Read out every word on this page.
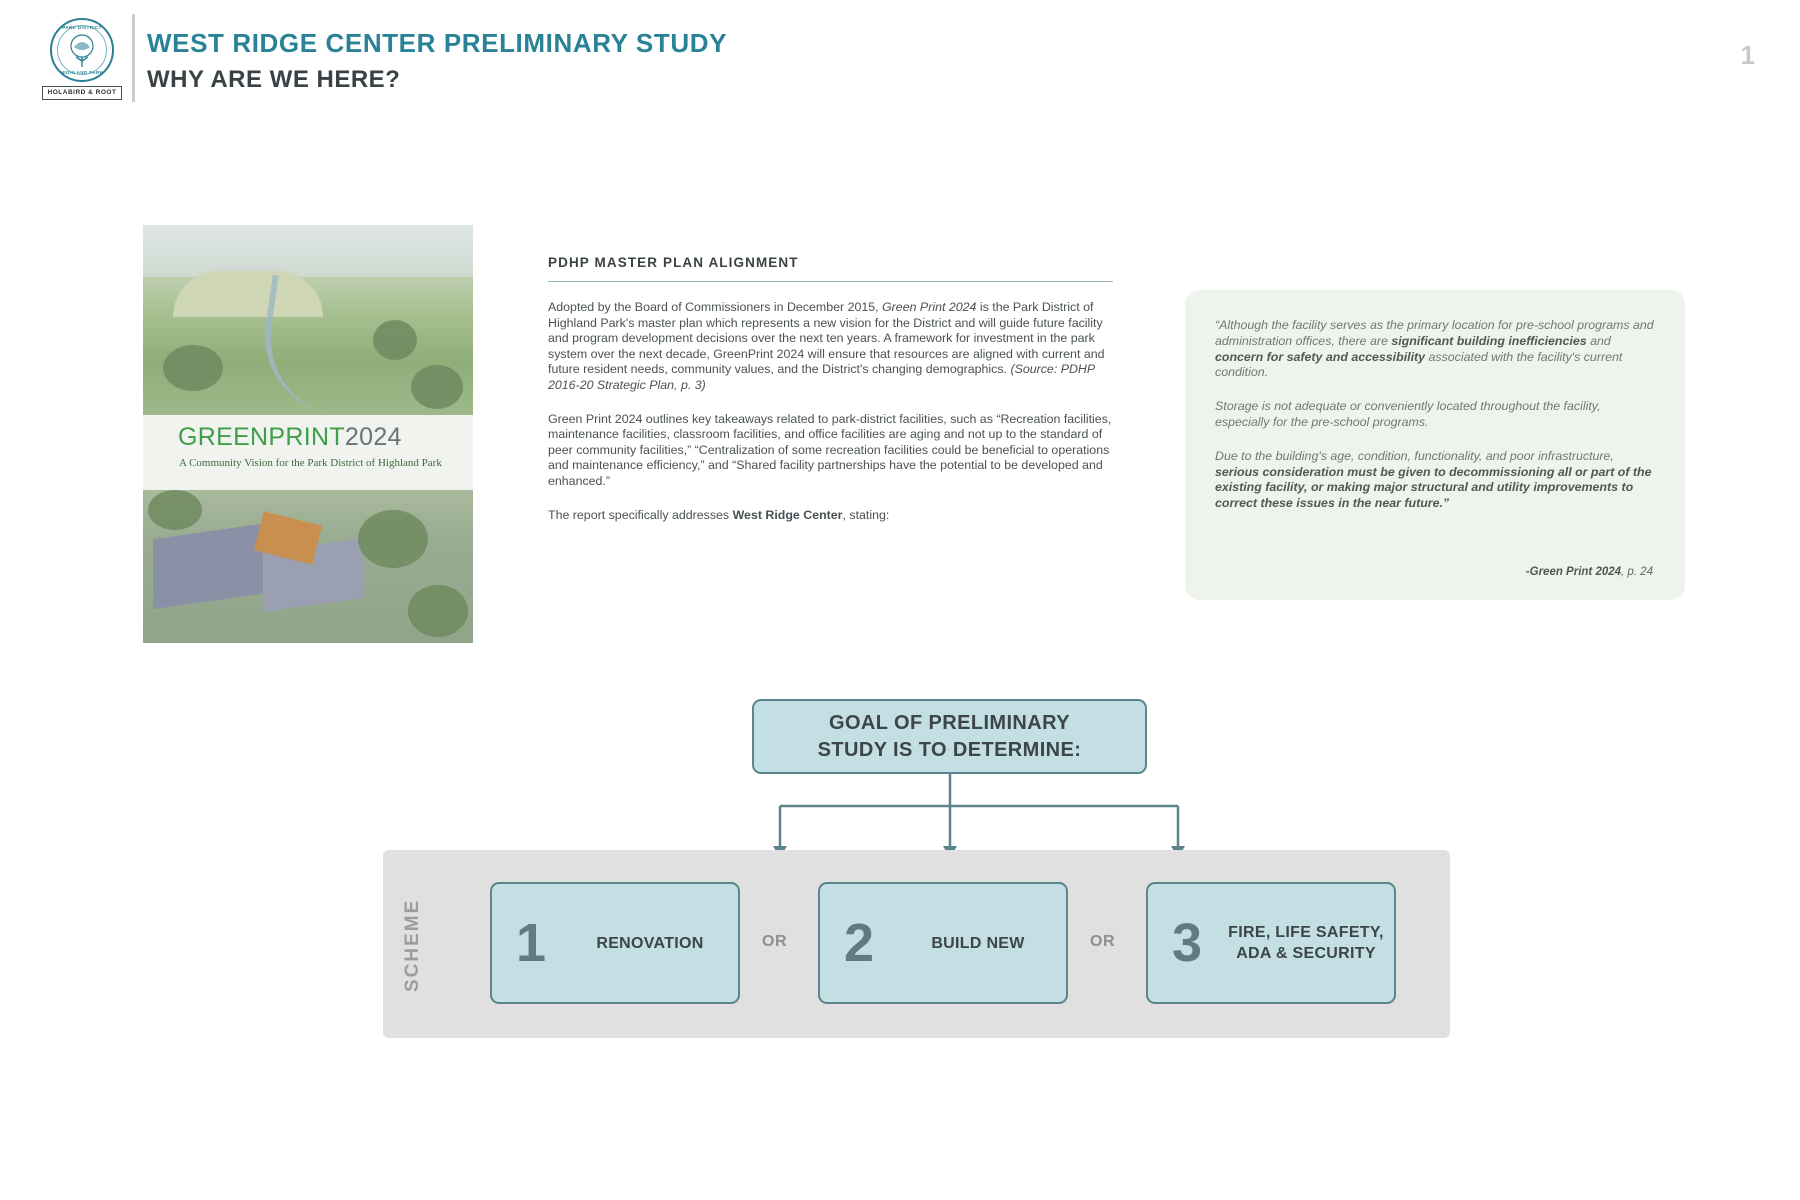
PARK DISTRICT
HIGHLAND PARK
HOLABIRD & ROOT
WEST RIDGE CENTER PRELIMINARY STUDY
WHY ARE WE HERE?
1
GREENPRINT2024
A Community Vision for the Park District of Highland Park
PDHP MASTER PLAN ALIGNMENT

Adopted by the Board of Commissioners in December 2015, Green Print 2024 is the Park District of Highland Park's master plan which represents a new vision for the District and will guide future facility and program development decisions over the next ten years. A framework for investment in the park system over the next decade, GreenPrint 2024 will ensure that resources are aligned with current and future resident needs, community values, and the District's changing demographics. (Source: PDHP 2016-20 Strategic Plan, p. 3)

Green Print 2024 outlines key takeaways related to park-district facilities, such as “Recreation facilities, maintenance facilities, classroom facilities, and office facilities are aging and not up to the standard of peer community facilities,” “Centralization of some recreation facilities could be beneficial to operations and maintenance efficiency,” and “Shared facility partnerships have the potential to be developed and enhanced.”

The report specifically addresses West Ridge Center, stating:

“Although the facility serves as the primary location for pre-school programs and administration offices, there are significant building inefficiencies and concern for safety and accessibility associated with the facility's current condition.

Storage is not adequate or conveniently located throughout the facility, especially for the pre-school programs.

Due to the building's age, condition, functionality, and poor infrastructure, serious consideration must be given to decommissioning all or part of the existing facility, or making major structural and utility improvements to correct these issues in the near future.”

-Green Print 2024, p. 24
GOAL OF PRELIMINARY
STUDY IS TO DETERMINE:
SCHEME	1	RENOVATION	OR	2	BUILD NEW	OR	3	FIRE, LIFE SAFETY, ADA & SECURITY
